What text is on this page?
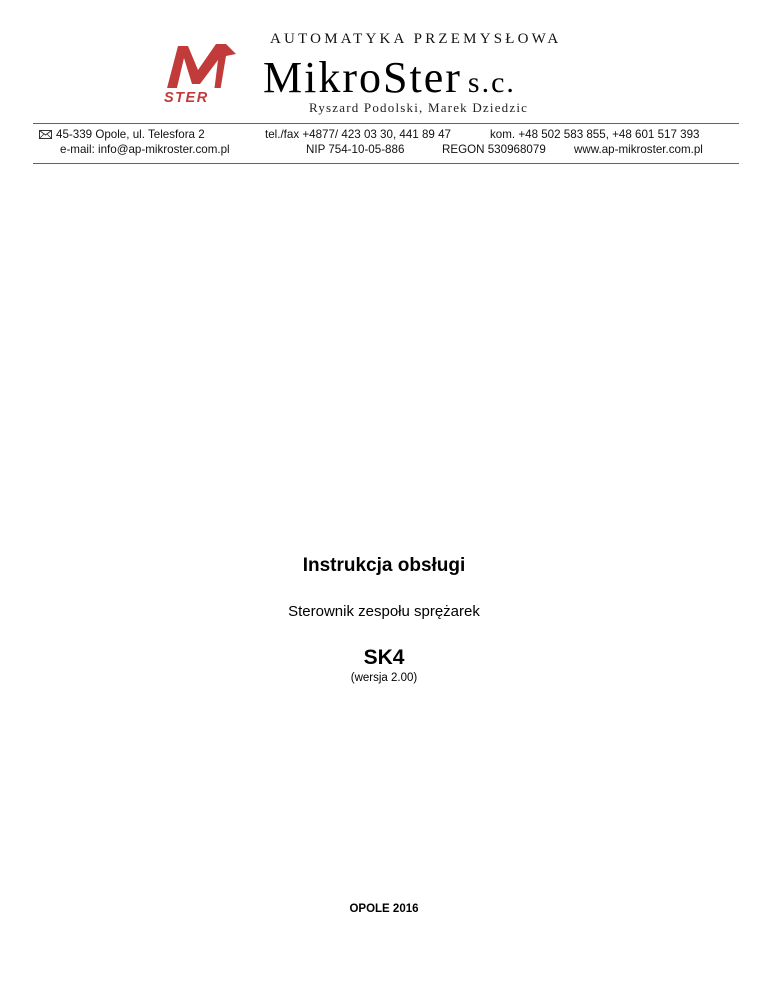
STER
AUTOMATYKA PRZEMYSŁOWA
MikroSter s.c.
Ryszard Podolski, Marek Dziedzic
45-339 Opole, ul. Telesfora 2
e-mail: info@ap-mikroster.com.pl
tel./fax +4877/ 423 03 30, 441 89 47	kom. +48 502 583 855, +48 601 517 393
NIP 754-10-05-886	REGON 530968079 www.ap-mikroster.com.pl
Instrukcja obsługi
Sterownik zespołu sprężarek
SK4
(wersja 2.00)
OPOLE 2016
